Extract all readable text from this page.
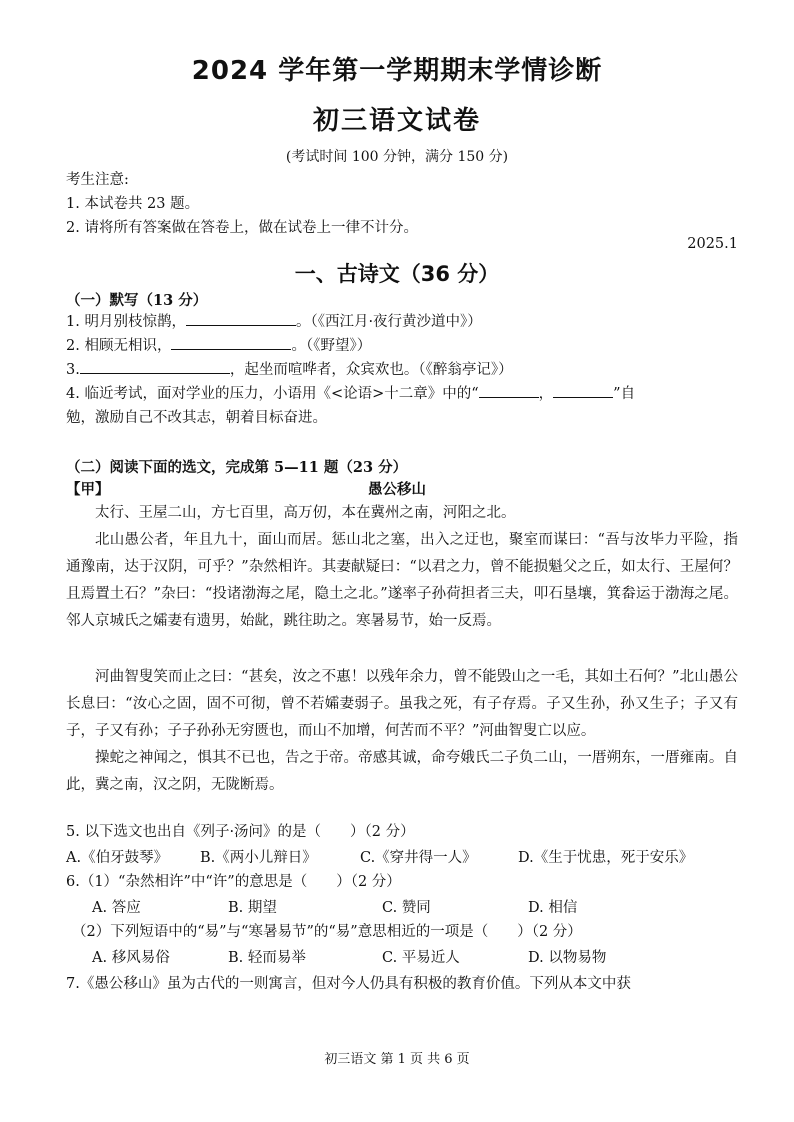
2024 学年第一学期期末学情诊断
初三语文试卷
(考试时间 100 分钟，满分 150 分)
考生注意:
1. 本试卷共 23 题。
2. 请将所有答案做在答卷上，做在试卷上一律不计分。
2025.1
一、古诗文（36 分）
（一）默写（13 分）
1. 明月别枝惊鹊，	。（《西江月·夜行黄沙道中》）
2. 相顾无相识，	。（《野望》）
3.	，起坐而喧哗者，众宾欢也。（《醉翁亭记》）
4. 临近考试，面对学业的压力，小语用《<论语>十二章》中的“	，	”自
勉，激励自己不改其志，朝着目标奋进。
（二）阅读下面的选文，完成第 5—11 题（23 分）
【甲】	愚公移山
太行、王屋二山，方七百里，高万仞，本在冀州之南，河阳之北。
北山愚公者，年且九十，面山而居。惩山北之塞，出入之迂也，聚室而谋曰：“吾与汝毕力平险，指通豫南，达于汉阴，可乎？”杂然相许。其妻献疑曰：“以君之力，曾不能损魁父之丘，如太行、王屋何？且焉置土石？”杂曰：“投诸渤海之尾，隐土之北。”遂率子孙荷担者三夫，叩石垦壤，箕畚运于渤海之尾。邻人京城氏之孀妻有遗男，始龀，跳往助之。寒暑易节，始一反焉。
河曲智叟笑而止之曰：“甚矣，汝之不惠！以残年余力，曾不能毁山之一毛，其如土石何？”北山愚公长息曰：“汝心之固，固不可彻，曾不若孀妻弱子。虽我之死，有子存焉。子又生孙，孙又生子；子又有子，子又有孙；子子孙孙无穷匮也，而山不加增，何苦而不平？”河曲智叟亡以应。
操蛇之神闻之，惧其不已也，告之于帝。帝感其诚，命夸娥氏二子负二山，一厝朔东，一厝雍南。自此，冀之南，汉之阴，无陇断焉。
5. 以下选文也出自《列子·汤问》的是（　　）（2 分）
A.《伯牙鼓琴》 B.《两小儿辩日》	C.《穿井得一人》	D.《生于忧患，死于安乐》
6.（1）“杂然相许”中“许”的意思是（　　）（2 分）
A. 答应	B. 期望	C. 赞同	D. 相信
（2）下列短语中的“易”与“寒暑易节”的“易”意思相近的一项是（　　）（2 分）
A. 移风易俗	B. 轻而易举	C. 平易近人	D. 以物易物
7.《愚公移山》虽为古代的一则寓言，但对今人仍具有积极的教育价值。下列从本文中获
初三语文 第 1 页 共 6 页
